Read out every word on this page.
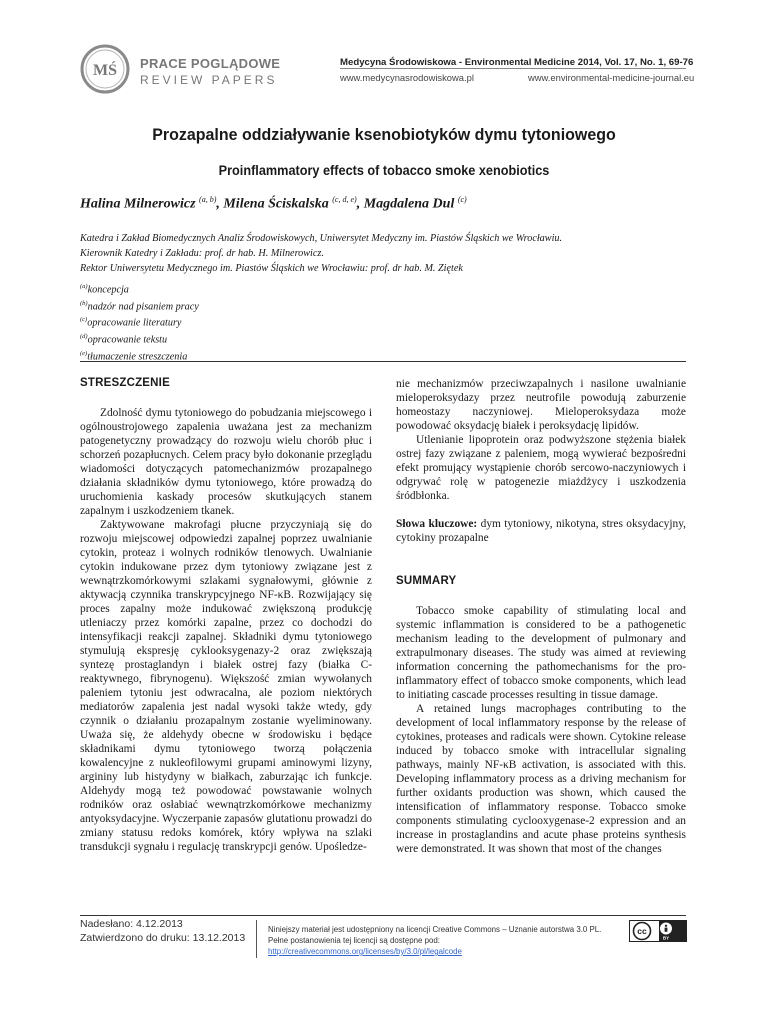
MŚ PRACE POGLĄDOWE
REVIEW PAPERS
Medycyna Środowiskowa - Environmental Medicine 2014, Vol. 17, No. 1, 69-76
www.medycynasrodowiskowa.pl	www.environmental-medicine-journal.eu
Prozapalne oddziaływanie ksenobiotyków dymu tytoniowego
Proinflammatory effects of tobacco smoke xenobiotics
Halina Milnerowicz $^{(a, b)}$, Milena Ściskalska $^{(c, d, e)}$, Magdalena Dul $^{(c)}$
Katedra i Zakład Biomedycznych Analiz Środowiskowych, Uniwersytet Medyczny im. Piastów Śląskich we Wrocławiu.
Kierownik Katedry i Zakładu: prof. dr hab. H. Milnerowicz.
Rektor Uniwersytetu Medycznego im. Piastów Śląskich we Wrocławiu: prof. dr hab. M. Ziętek
$^{(a)}$koncepcja
$^{(b)}$nadzór nad pisaniem pracy
$^{(c)}$opracowanie literatury
$^{(d)}$opracowanie tekstu
$^{(e)}$tłumaczenie streszczenia
STRESZCZENIE

Zdolność dymu tytoniowego do pobudzania miejscowego i ogólnoustrojowego zapalenia uważana jest za mechanizm patogenetyczny prowadzący do rozwoju wielu chorób płuc i schorzeń pozapłucnych. Celem pracy było dokonanie przeglądu wiadomości dotyczących patomechanizmów prozapalnego działania składników dymu tytoniowego, które prowadzą do uruchomienia kaskady procesów skutkujących stanem zapalnym i uszkodzeniem tkanek.

Zaktywowane makrofagi płucne przyczyniają się do rozwoju miejscowej odpowiedzi zapalnej poprzez uwalnianie cytokin, proteaz i wolnych rodników tlenowych. Uwalnianie cytokin indukowane przez dym tytoniowy związane jest z wewnątrzkomórkowymi szlakami sygnałowymi, głównie z aktywacją czynnika transkrypcyjnego NF-κB. Rozwijający się proces zapalny może indukować zwiększoną produkcję utleniaczy przez komórki zapalne, przez co dochodzi do intensyfikacji reakcji zapalnej. Składniki dymu tytoniowego stymulują ekspresję cyklooksygenazy-2 oraz zwiększają syntezę prostaglandyn i białek ostrej fazy (białka C-reaktywnego, fibrynogenu). Większość zmian wywołanych paleniem tytoniu jest odwracalna, ale poziom niektórych mediatorów zapalenia jest nadal wysoki także wtedy, gdy czynnik o działaniu prozapalnym zostanie wyeliminowany. Uważa się, że aldehydy obecne w środowisku i będące składnikami dymu tytoniowego tworzą połączenia kowalencyjne z nukleofilowymi grupami aminowymi lizyny, argininy lub histydyny w białkach, zaburzając ich funkcje. Aldehydy mogą też powodować powstawanie wolnych rodników oraz osłabiać wewnątrzkomórkowe mechanizmy antyoksydacyjne. Wyczerpanie zapasów glutationu prowadzi do zmiany statusu redoks komórek, który wpływa na szlaki transdukcji sygnału i regulację transkrypcji genów. Upośledze-

nie mechanizmów przeciwzapalnych i nasilone uwalnianie mieloperoksydazy przez neutrofile powodują zaburzenie homeostazy naczyniowej. Mieloperoksydaza może powodować oksydację białek i peroksydację lipidów.

Utlenianie lipoprotein oraz podwyższone stężenia białek ostrej fazy związane z paleniem, mogą wywierać bezpośredni efekt promujący wystąpienie chorób sercowo-naczyniowych i odgrywać rolę w patogenezie miażdżycy i uszkodzenia śródbłonka.

Słowa kluczowe: dym tytoniowy, nikotyna, stres oksydacyjny, cytokiny prozapalne
SUMMARY

Tobacco smoke capability of stimulating local and systemic inflammation is considered to be a pathogenetic mechanism leading to the development of pulmonary and extrapulmonary diseases. The study was aimed at reviewing information concerning the pathomechanisms for the pro-inflammatory effect of tobacco smoke components, which lead to initiating cascade processes resulting in tissue damage.

A retained lungs macrophages contributing to the development of local inflammatory response by the release of cytokines, proteases and radicals were shown. Cytokine release induced by tobacco smoke with intracellular signaling pathways, mainly NF-κB activation, is associated with this. Developing inflammatory process as a driving mechanism for further oxidants production was shown, which caused the intensification of inflammatory response. Tobacco smoke components stimulating cyclooxygenase-2 expression and an increase in prostaglandins and acute phase proteins synthesis were demonstrated. It was shown that most of the changes

Nadesłano: 4.12.2013
Zatwierdzono do druku: 13.12.2013
Niniejszy materiał jest udostępniony na licencji Creative Commons – Uznanie autorstwa 3.0 PL. Pełne postanowienia tej licencji są dostępne pod: http://creativecommons.org/licenses/by/3.0/pl/legalcode
cc
BY
